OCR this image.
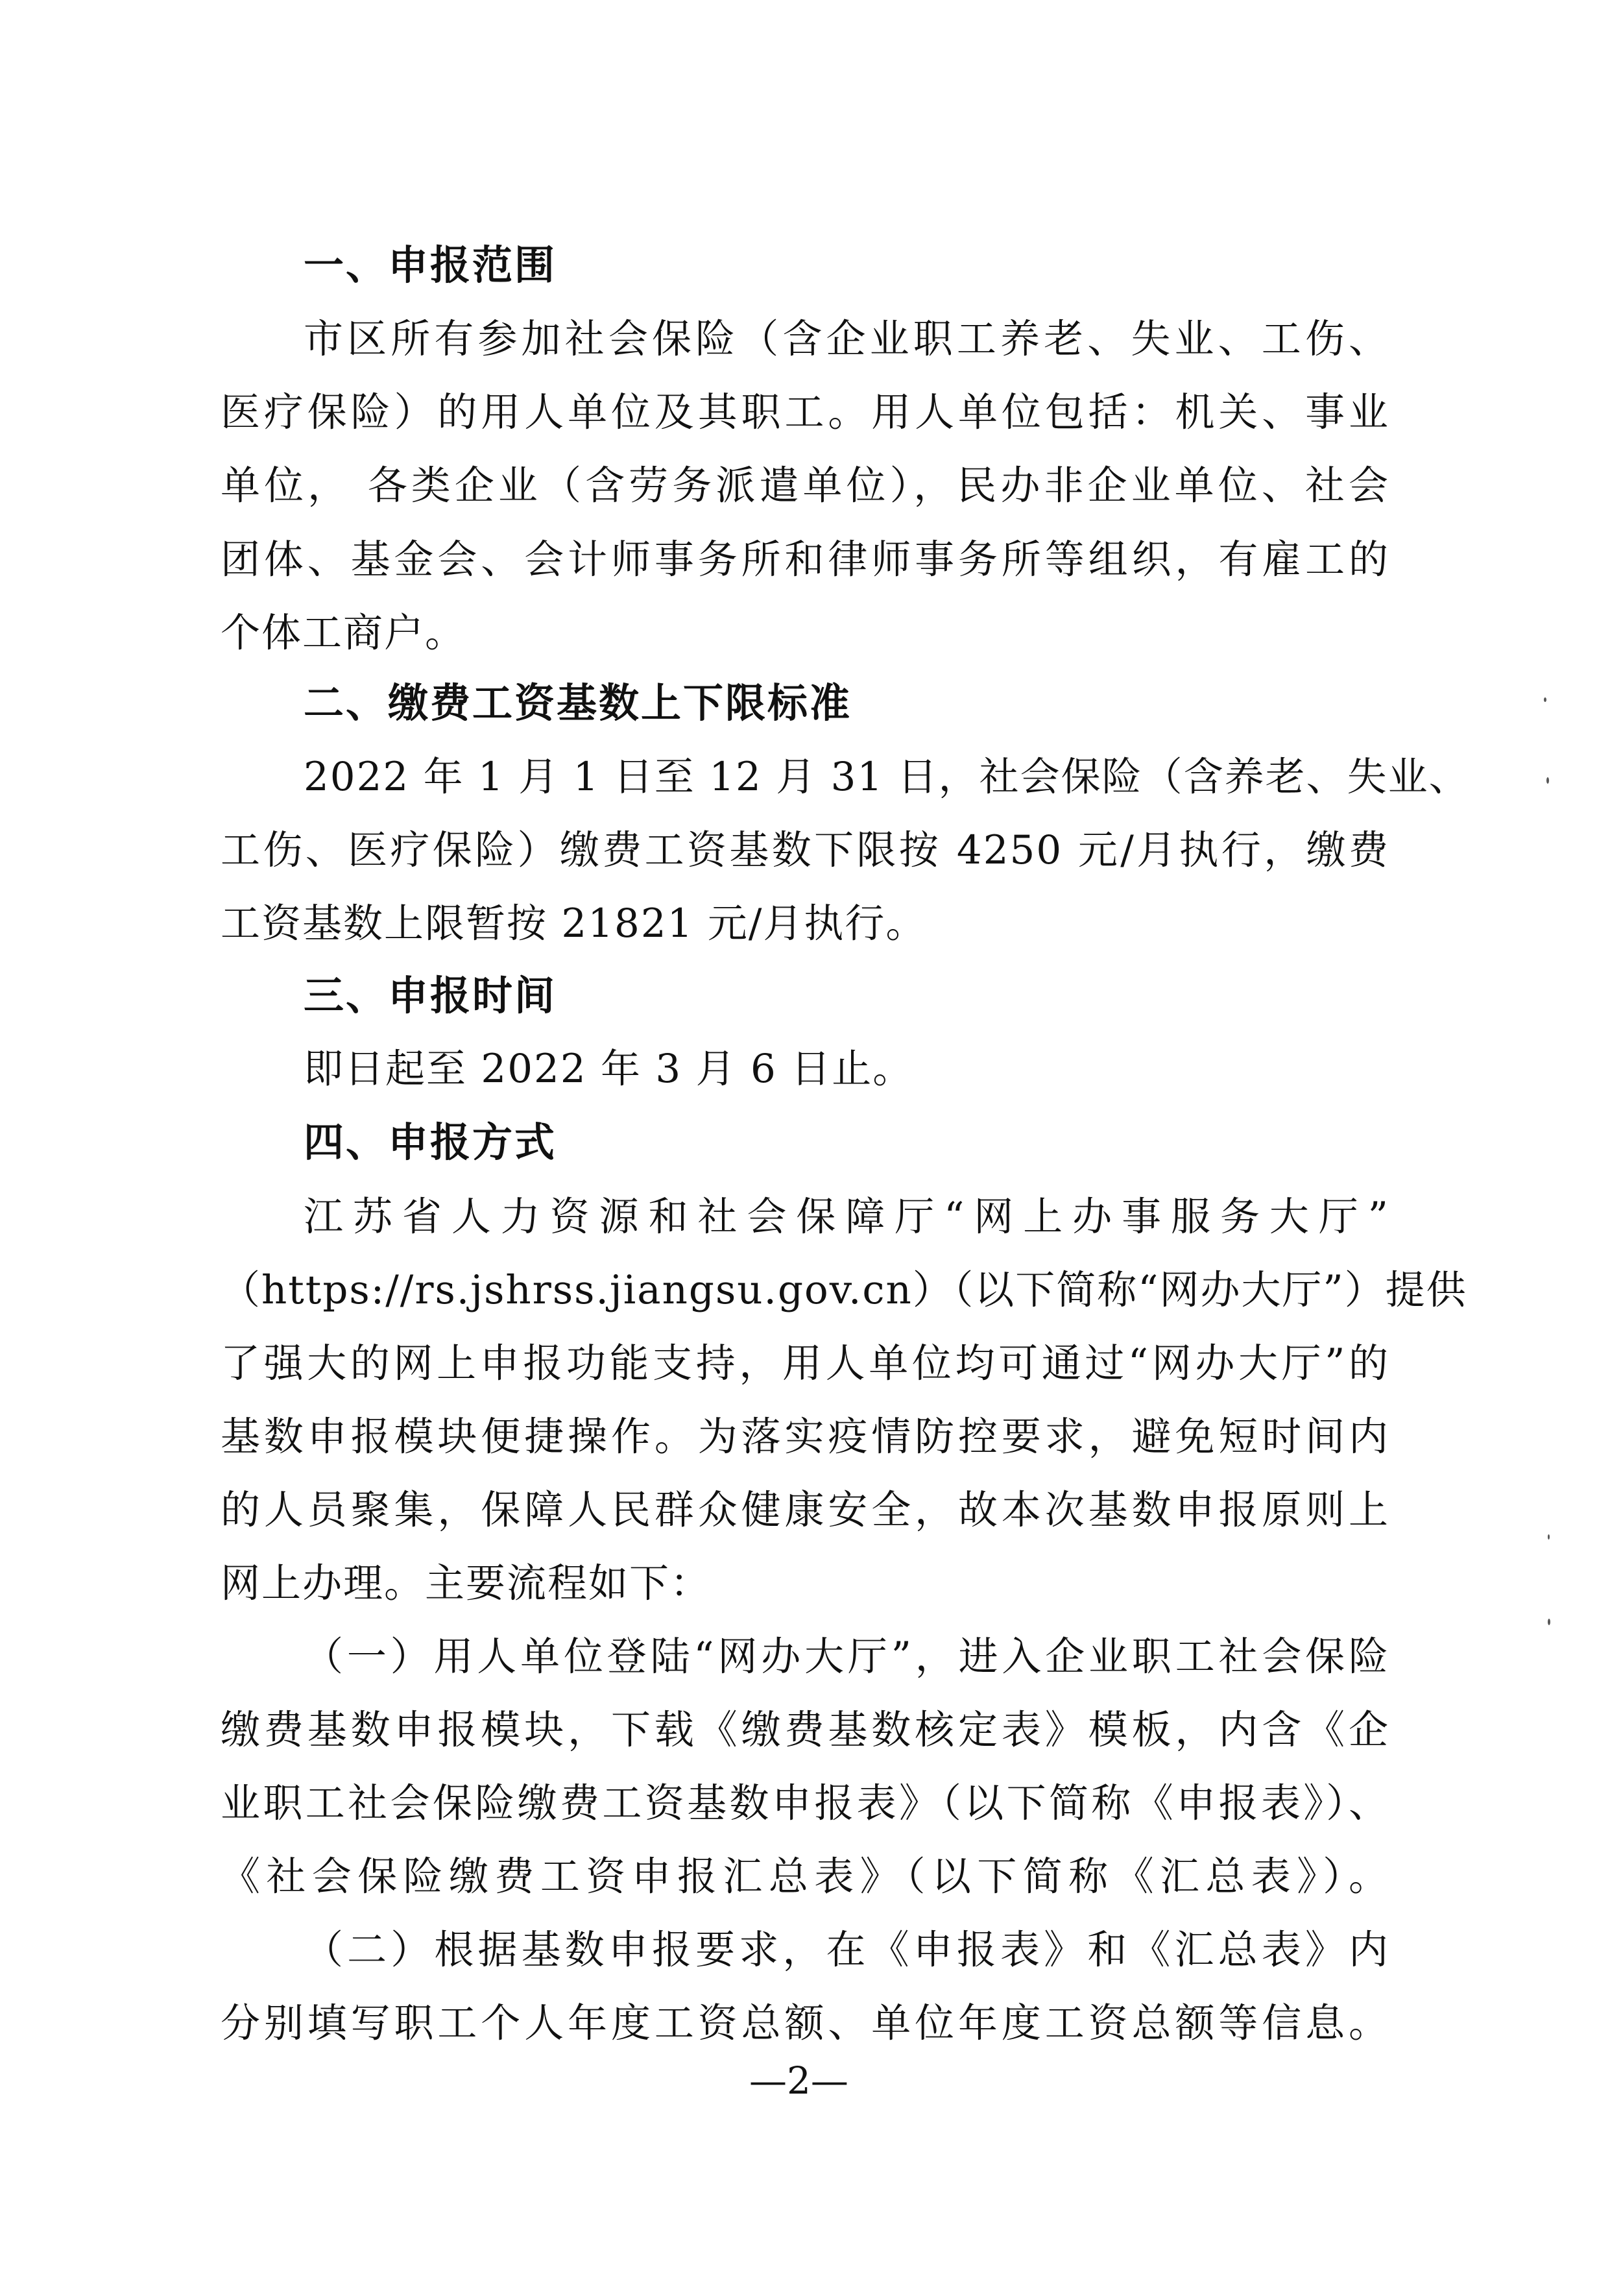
一、申报范围
市区所有参加社会保险（含企业职工养老、失业、工伤、
医疗保险）的用人单位及其职工。用人单位包括：机关、事业
单位， 各类企业（含劳务派遣单位），民办非企业单位、社会
团体、基金会、会计师事务所和律师事务所等组织，有雇工的
个体工商户。
二、缴费工资基数上下限标准
2022 年 1 月 1 日至 12 月 31 日，社会保险（含养老、失业、
工伤、医疗保险）缴费工资基数下限按 4250 元/月执行，缴费
工资基数上限暂按 21821 元/月执行。
三、申报时间
即日起至 2022 年 3 月 6 日止。
四、申报方式
江苏省人力资源和社会保障厅“网上办事服务大厅”
（https://rs.jshrss.jiangsu.gov.cn）（以下简称“网办大厅”）提供
了强大的网上申报功能支持，用人单位均可通过“网办大厅”的
基数申报模块便捷操作。为落实疫情防控要求，避免短时间内
的人员聚集，保障人民群众健康安全，故本次基数申报原则上
网上办理。主要流程如下：
（一）用人单位登陆“网办大厅”，进入企业职工社会保险
缴费基数申报模块，下载《缴费基数核定表》模板，内含《企
业职工社会保险缴费工资基数申报表》（以下简称《申报表》）、
《社会保险缴费工资申报汇总表》（以下简称《汇总表》）。
（二）根据基数申报要求，在《申报表》和《汇总表》内
分别填写职工个人年度工资总额、单位年度工资总额等信息。
—2—
